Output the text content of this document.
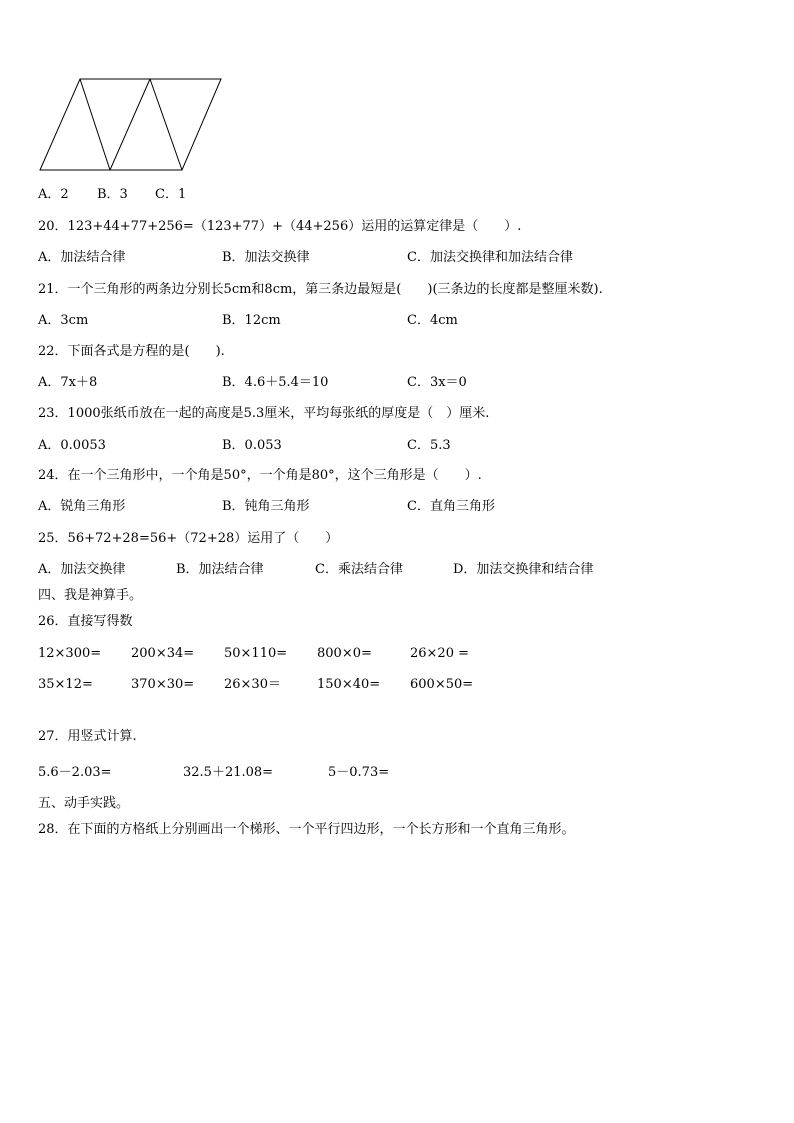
A．2 B．3 C．1
20．123+44+77+256=（123+77）+（44+256）运用的运算定律是（　　）.
A．加法结合律	B．加法交换律	C．加法交换律和加法结合律
21．一个三角形的两条边分别长5cm和8cm，第三条边最短是(　　)(三条边的长度都是整厘米数).
A．3cm	B．12cm	C．4cm
22．下面各式是方程的是(　　).
A．7x＋8	B．4.6＋5.4＝10	C．3x＝0
23．1000张纸币放在一起的高度是5.3厘米，平均每张纸的厚度是（　）厘米.
A．0.0053	B．0.053	C．5.3
24．在一个三角形中，一个角是50°，一个角是80°，这个三角形是（　　）.
A．锐角三角形	B．钝角三角形	C．直角三角形
25．56+72+28=56+（72+28）运用了（　　）
A．加法交换律	B．加法结合律	C．乘法结合律	D．加法交换律和结合律
四、我是神算手。
26．直接写得数
12×300= 200×34= 50×110= 800×0=	26×20 =
35×12=	370×30= 26×30＝	150×40= 600×50=
27．用竖式计算.
5.6－2.03=	32.5＋21.08=	5－0.73=
五、动手实践。
28．在下面的方格纸上分别画出一个梯形、一个平行四边形，一个长方形和一个直角三角形。
